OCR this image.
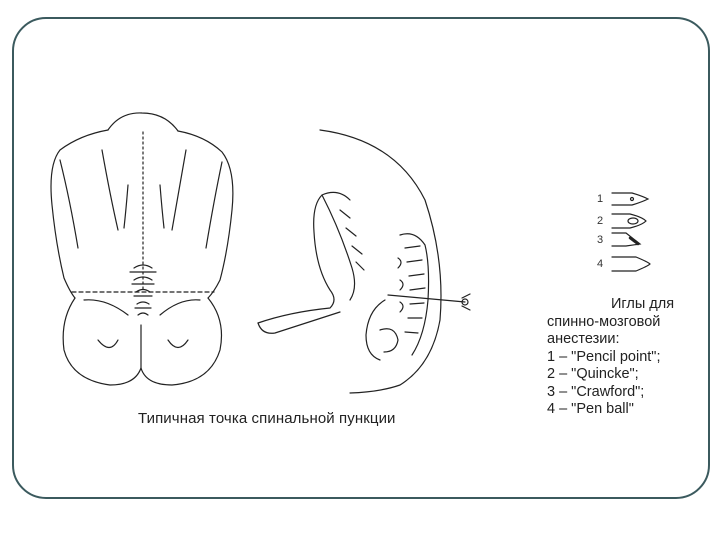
1
2
3
4
Типичная точка спинальной пункции
Иглы для
спинно-мозговой
анестезии:
1 – "Pencil point";
2 – "Quincke";
3 – "Crawford";
4 – "Pen ball"
